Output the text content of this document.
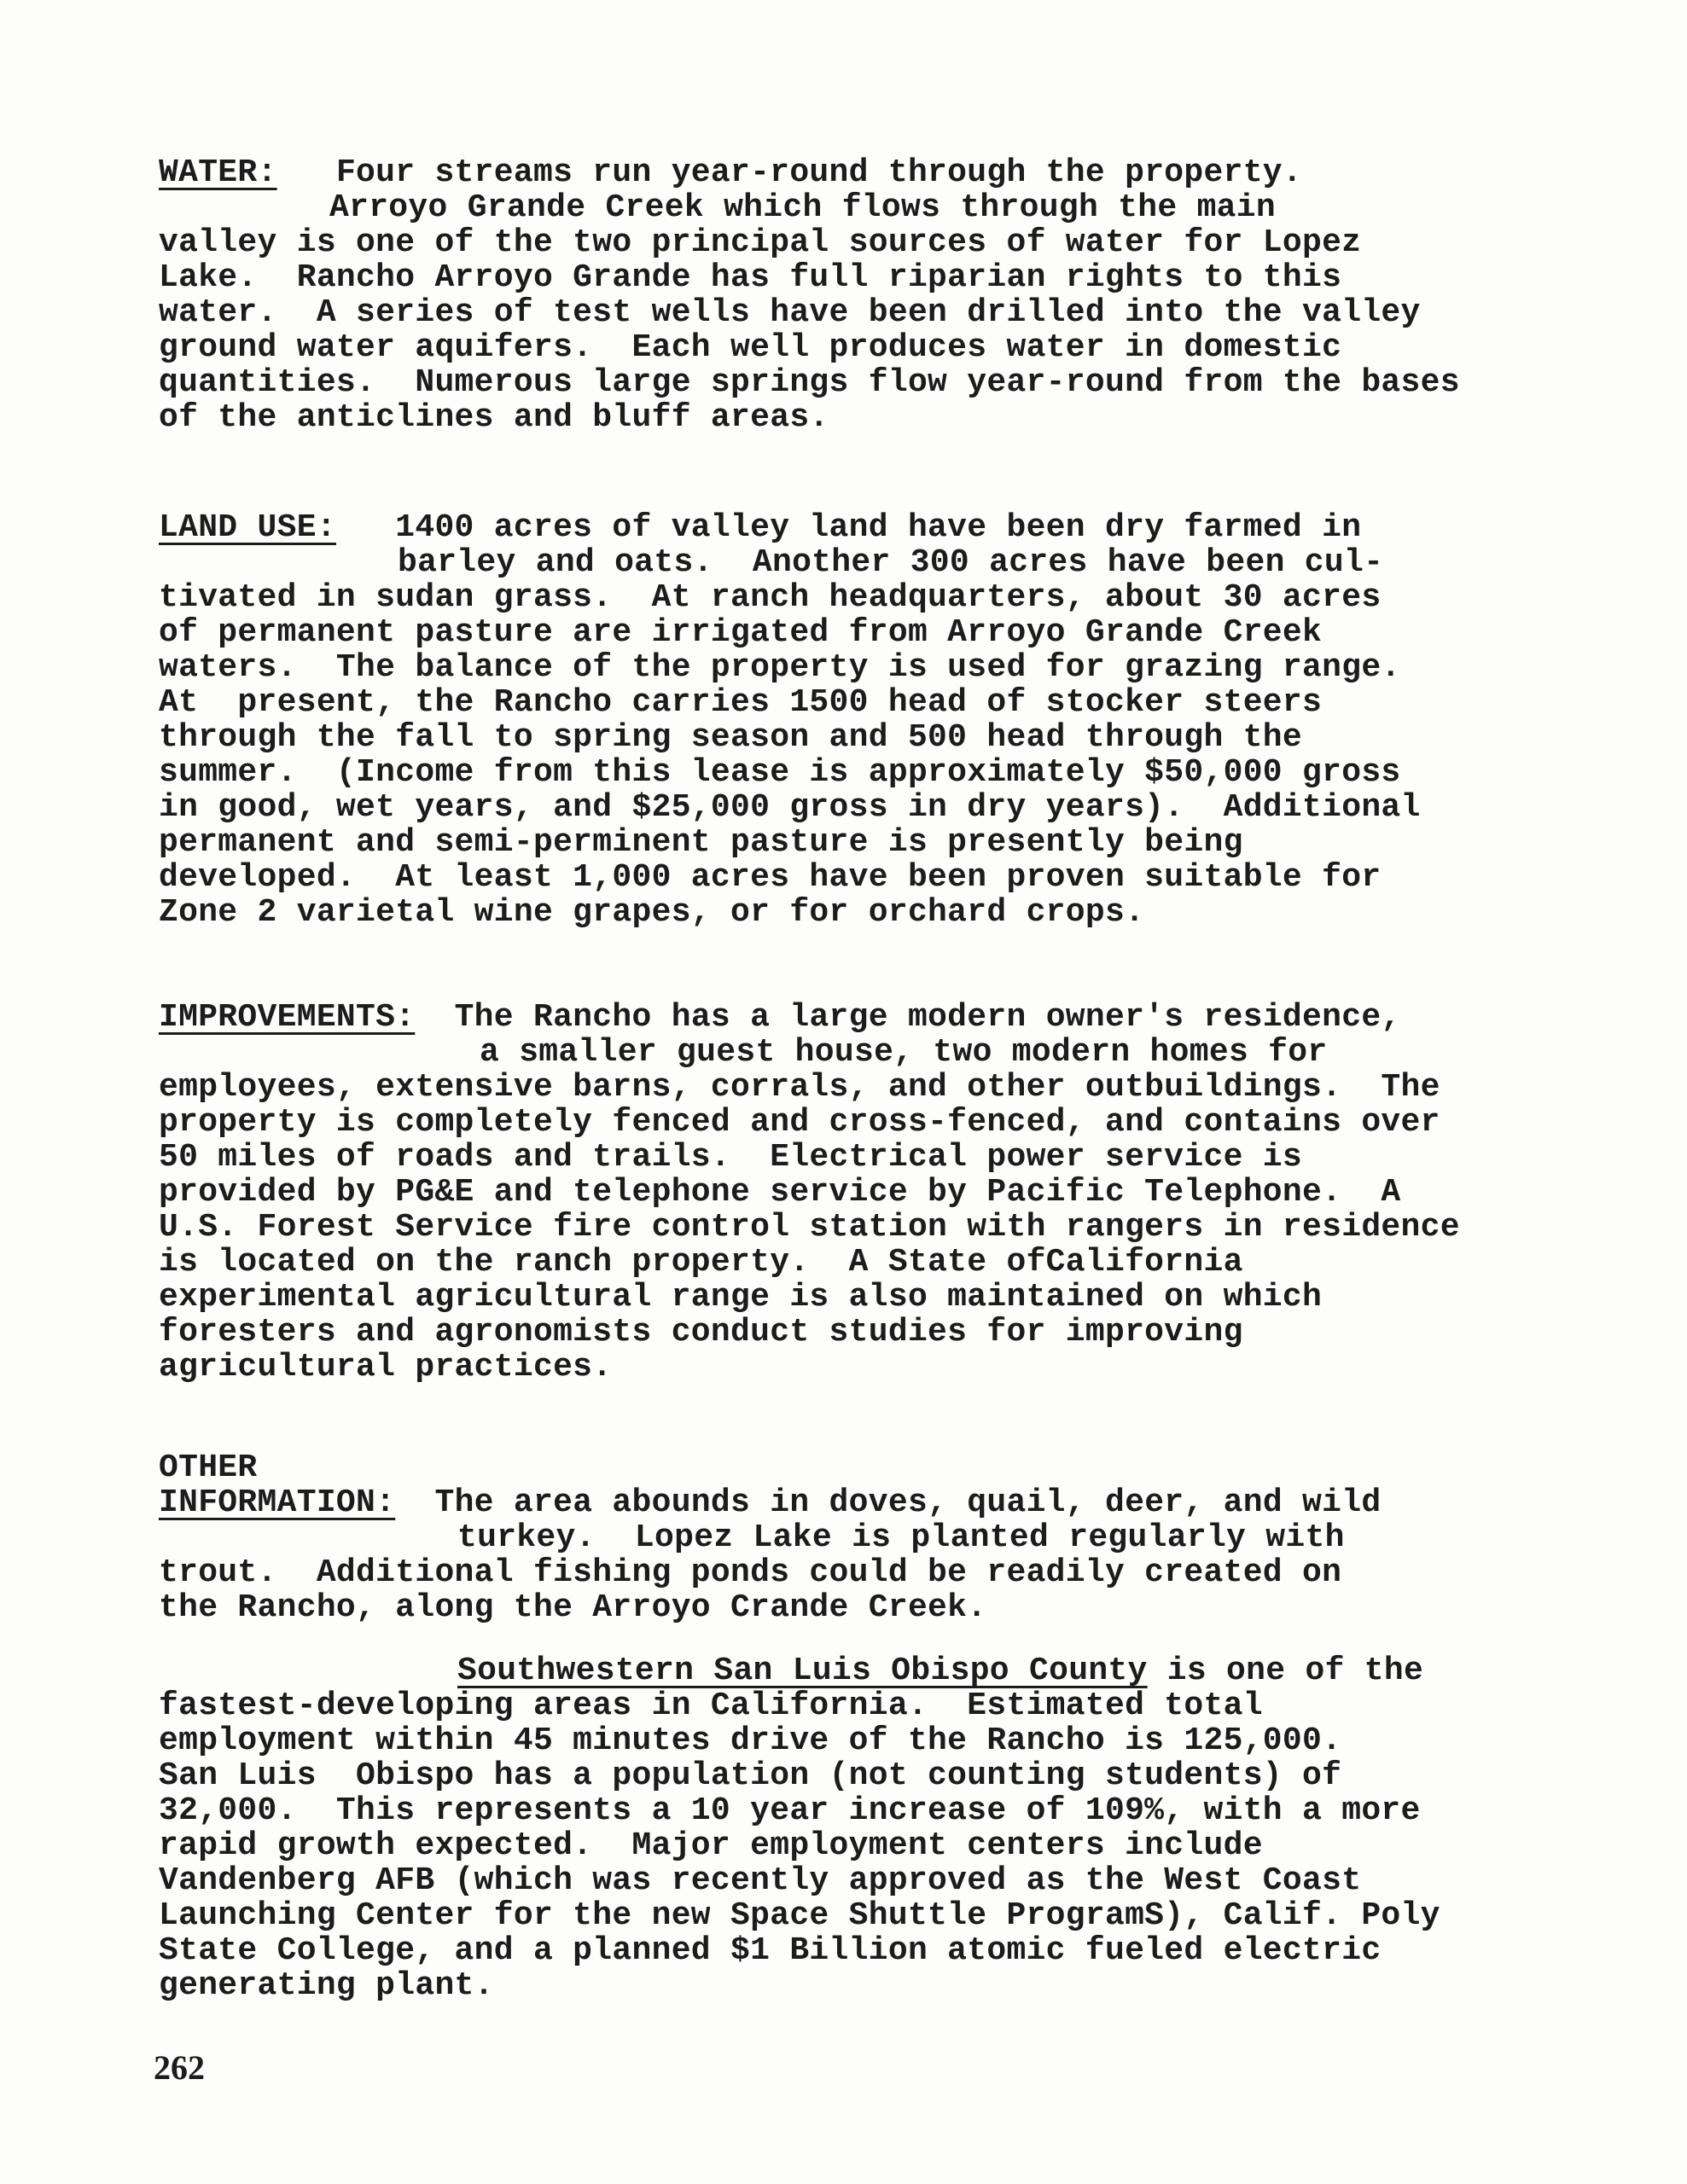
WATER: Four streams run year-round through the property.
Arroyo Grande Creek which flows through the main
valley is one of the two principal sources of water for Lopez
Lake.  Rancho Arroyo Grande has full riparian rights to this
water.  A series of test wells have been drilled into the valley
ground water aquifers.  Each well produces water in domestic
quantities.  Numerous large springs flow year-round from the bases
of the anticlines and bluff areas.
LAND USE: 1400 acres of valley land have been dry farmed in
barley and oats.  Another 300 acres have been cul-
tivated in sudan grass.  At ranch headquarters, about 30 acres
of permanent pasture are irrigated from Arroyo Grande Creek
waters.  The balance of the property is used for grazing range.
At  present, the Rancho carries 1500 head of stocker steers
through the fall to spring season and 500 head through the
summer.  (Income from this lease is approximately $50,000 gross
in good, wet years, and $25,000 gross in dry years).  Additional
permanent and semi-perminent pasture is presently being
developed.  At least 1,000 acres have been proven suitable for
Zone 2 varietal wine grapes, or for orchard crops.
IMPROVEMENTS: The Rancho has a large modern owner's residence,
a smaller guest house, two modern homes for
employees, extensive barns, corrals, and other outbuildings.  The
property is completely fenced and cross-fenced, and contains over
50 miles of roads and trails.  Electrical power service is
provided by PG&E and telephone service by Pacific Telephone.  A
U.S. Forest Service fire control station with rangers in residence
is located on the ranch property.  A State ofCalifornia
experimental agricultural range is also maintained on which
foresters and agronomists conduct studies for improving
agricultural practices.
OTHER
INFORMATION: The area abounds in doves, quail, deer, and wild
turkey.  Lopez Lake is planted regularly with
trout.  Additional fishing ponds could be readily created on
the Rancho, along the Arroyo Crande Creek.
Southwestern San Luis Obispo County is one of the
fastest-developing areas in California.  Estimated total
employment within 45 minutes drive of the Rancho is 125,000.
San Luis  Obispo has a population (not counting students) of
32,000.  This represents a 10 year increase of 109%, with a more
rapid growth expected.  Major employment centers include
Vandenberg AFB (which was recently approved as the West Coast
Launching Center for the new Space Shuttle ProgramS), Calif. Poly
State College, and a planned $1 Billion atomic fueled electric
generating plant.
262
